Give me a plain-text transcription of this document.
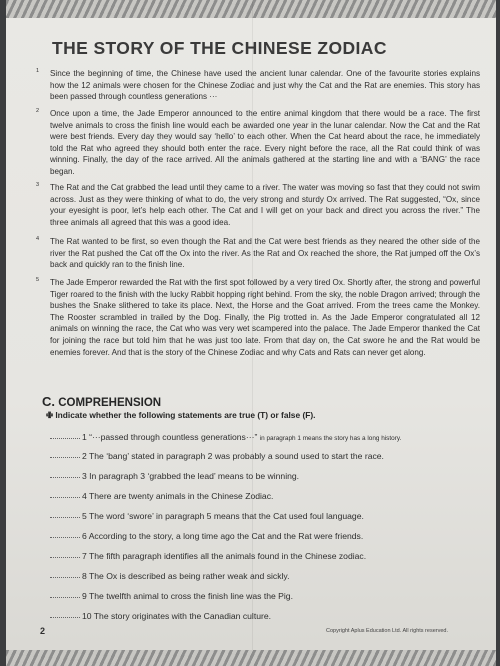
THE STORY OF THE CHINESE ZODIAC
1	Since the beginning of time, the Chinese have used the ancient lunar calendar. One of the favourite stories explains how the 12 animals were chosen for the Chinese Zodiac and just why the Cat and the Rat are enemies. This story has been passed through countless generations ···
2	Once upon a time, the Jade Emperor announced to the entire animal kingdom that there would be a race. The first twelve animals to cross the finish line would each be awarded one year in the lunar calendar. Now the Cat and the Rat were best friends. Every day they would say ‘hello’ to each other. When the Cat heard about the race, he immediately told the Rat who agreed they should both enter the race. Every night before the race, all the Rat could think of was winning. Finally, the day of the race arrived. All the animals gathered at the starting line and with a ‘BANG’ the race began.
3	The Rat and the Cat grabbed the lead until they came to a river. The water was moving so fast that they could not swim across. Just as they were thinking of what to do, the very strong and sturdy Ox arrived. The Rat suggested, “Ox, since your eyesight is poor, let’s help each other. The Cat and I will get on your back and direct you across the river.” The three animals all agreed that this was a good idea.
4	The Rat wanted to be first, so even though the Rat and the Cat were best friends as they neared the other side of the river the Rat pushed the Cat off the Ox into the river. As the Rat and Ox reached the shore, the Rat jumped off the Ox’s back and quickly ran to the finish line.
5	The Jade Emperor rewarded the Rat with the first spot followed by a very tired Ox. Shortly after, the strong and powerful Tiger roared to the finish with the lucky Rabbit hopping right behind. From the sky, the noble Dragon arrived; through the bushes the Snake slithered to take its place. Next, the Horse and the Goat arrived. From the trees came the Monkey. The Rooster scrambled in trailed by the Dog. Finally, the Pig trotted in. As the Jade Emperor congratulated all 12 animals on winning the race, the Cat who was very wet scampered into the palace. The Jade Emperor thanked the Cat for joining the race but told him that he was just too late. From that day on, the Cat swore he and the Rat would be enemies forever. And that is the story of the Chinese Zodiac and why Cats and Rats can never get along.
C. COMPREHENSION
✙ Indicate whether the following statements are true (T) or false (F).
1 “···passed through countless generations···” in paragraph 1 means the story has a long history.
2 The ‘bang’ stated in paragraph 2 was probably a sound used to start the race.
3 In paragraph 3 ‘grabbed the lead’ means to be winning.
4 There are twenty animals in the Chinese Zodiac.
5 The word ‘swore’ in paragraph 5 means that the Cat used foul language.
6 According to the story, a long time ago the Cat and the Rat were friends.
7 The fifth paragraph identifies all the animals found in the Chinese zodiac.
8 The Ox is described as being rather weak and sickly.
9 The twelfth animal to cross the finish line was the Pig.
10 The story originates with the Canadian culture.
2	Copyright Aplus Education Ltd. All rights reserved.
